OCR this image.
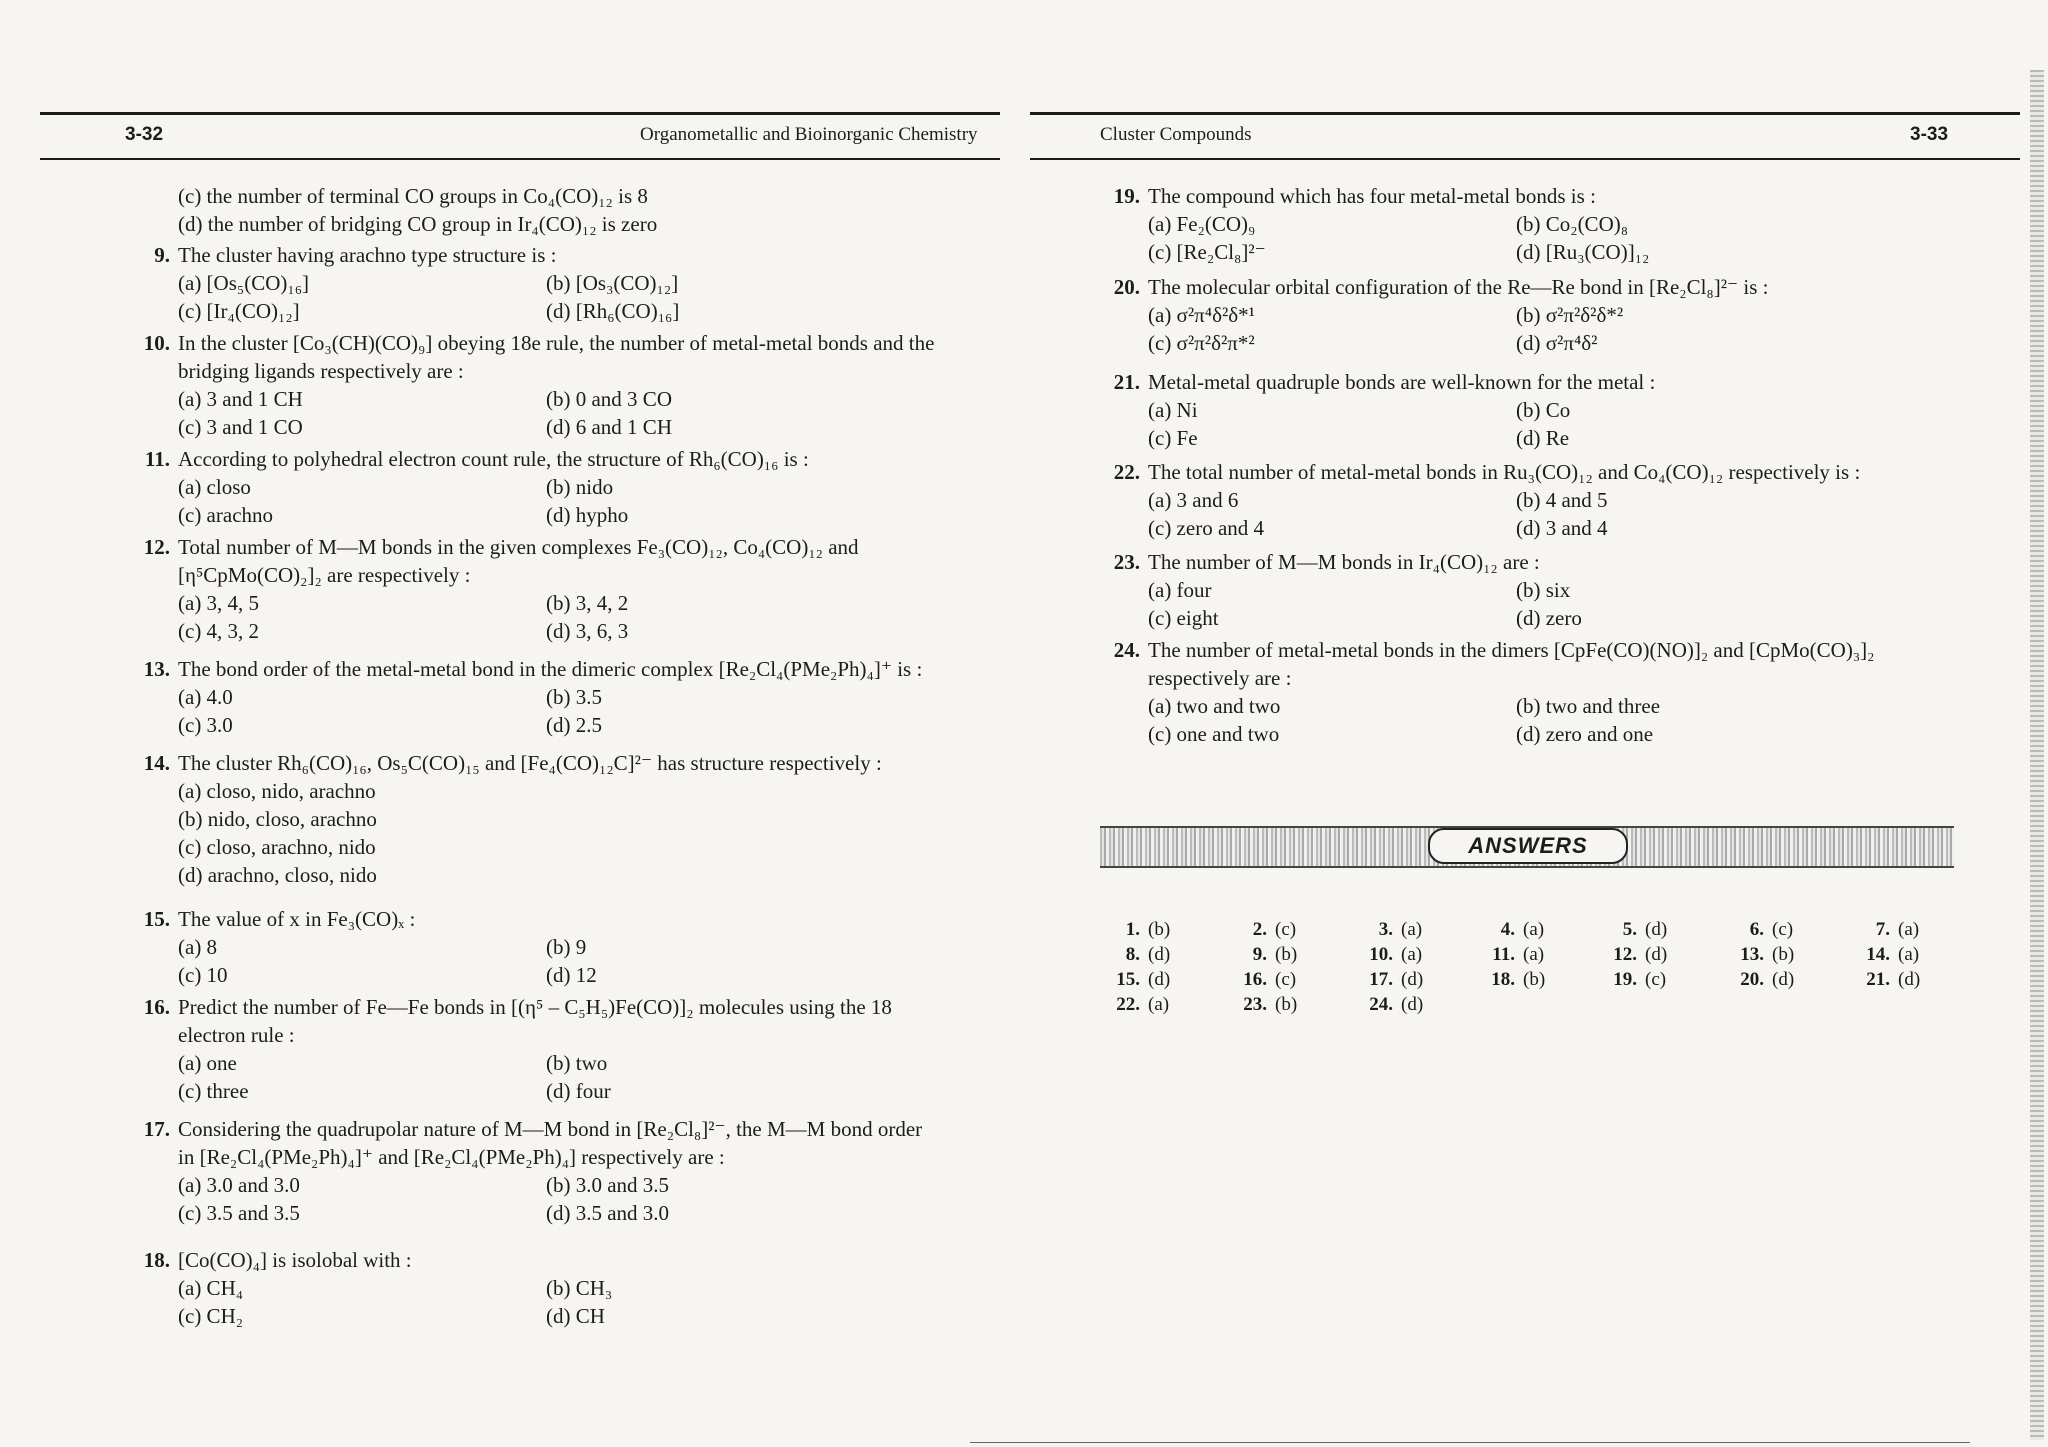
3-32	Organometallic and Bioinorganic Chemistry
(c) the number of terminal CO groups in Co₄(CO)₁₂ is 8
(d) the number of bridging CO group in Ir₄(CO)₁₂ is zero
Cluster Compounds	3-33
9. The cluster having arachno type structure is :
(a) [Os₅(CO)₁₆]	(b) [Os₃(CO)₁₂]
(c) [Ir₄(CO)₁₂]	(d) [Rh₆(CO)₁₆]
10. In the cluster [Co₃(CH)(CO)₉] obeying 18e rule, the number of metal-metal bonds and the
bridging ligands respectively are :
(a) 3 and 1 CH	(b) 0 and 3 CO
(c) 3 and 1 CO	(d) 6 and 1 CH
11. According to polyhedral electron count rule, the structure of Rh₆(CO)₁₆ is :
(a) closo	(b) nido
(c) arachno	(d) hypho
12. Total number of M—M bonds in the given complexes Fe₃(CO)₁₂, Co₄(CO)₁₂ and
[η⁵CpMo(CO)₂]₂ are respectively :
(a) 3, 4, 5	(b) 3, 4, 2
(c) 4, 3, 2	(d) 3, 6, 3
13. The bond order of the metal-metal bond in the dimeric complex [Re₂Cl₄(PMe₂Ph)₄]⁺ is :
(a) 4.0	(b) 3.5
(c) 3.0	(d) 2.5
14. The cluster Rh₆(CO)₁₆, Os₅C(CO)₁₅ and [Fe₄(CO)₁₂C]²⁻ has structure respectively :
(a) closo, nido, arachno
(b) nido, closo, arachno
(c) closo, arachno, nido
(d) arachno, closo, nido
15. The value of x in Fe₃(CO)ₓ :
(a) 8	(b) 9
(c) 10	(d) 12
16. Predict the number of Fe—Fe bonds in [(η⁵ – C₅H₅)Fe(CO)]₂ molecules using the 18
electron rule :
(a) one	(b) two
(c) three	(d) four
17. Considering the quadrupolar nature of M—M bond in [Re₂Cl₈]²⁻, the M—M bond order
in [Re₂Cl₄(PMe₂Ph)₄]⁺ and [Re₂Cl₄(PMe₂Ph)₄] respectively are :
(a) 3.0 and 3.0	(b) 3.0 and 3.5
(c) 3.5 and 3.5	(d) 3.5 and 3.0
18. [Co(CO)₄] is isolobal with :
(a) CH₄	(b) CH₃
(c) CH₂	(d) CH
19. The compound which has four metal-metal bonds is :
(a) Fe₂(CO)₉	(b) Co₂(CO)₈
(c) [Re₂Cl₈]²⁻	(d) [Ru₃(CO)]₁₂
20. The molecular orbital configuration of the Re—Re bond in [Re₂Cl₈]²⁻ is :
(a) σ²π⁴δ²δ*¹	(b) σ²π²δ²δ*²
(c) σ²π²δ²π*²	(d) σ²π⁴δ²
21. Metal-metal quadruple bonds are well-known for the metal :
(a) Ni	(b) Co
(c) Fe	(d) Re
22. The total number of metal-metal bonds in Ru₃(CO)₁₂ and Co₄(CO)₁₂ respectively is :
(a) 3 and 6	(b) 4 and 5
(c) zero and 4	(d) 3 and 4
23. The number of M—M bonds in Ir₄(CO)₁₂ are :
(a) four	(b) six
(c) eight	(d) zero
24. The number of metal-metal bonds in the dimers [CpFe(CO)(NO)]₂ and [CpMo(CO)₃]₂
respectively are :
(a) two and two	(b) two and three
(c) one and two	(d) zero and one
ANSWERS
1. (b)	2. (c)	3. (a)	4. (a)	5. (d)	6. (c)	7. (a)
8. (d)	9. (b)	10. (a)	11. (a)	12. (d)	13. (b)	14. (a)
15. (d)	16. (c)	17. (d)	18. (b)	19. (c)	20. (d)	21. (d)
22. (a)	23. (b)	24. (d)
